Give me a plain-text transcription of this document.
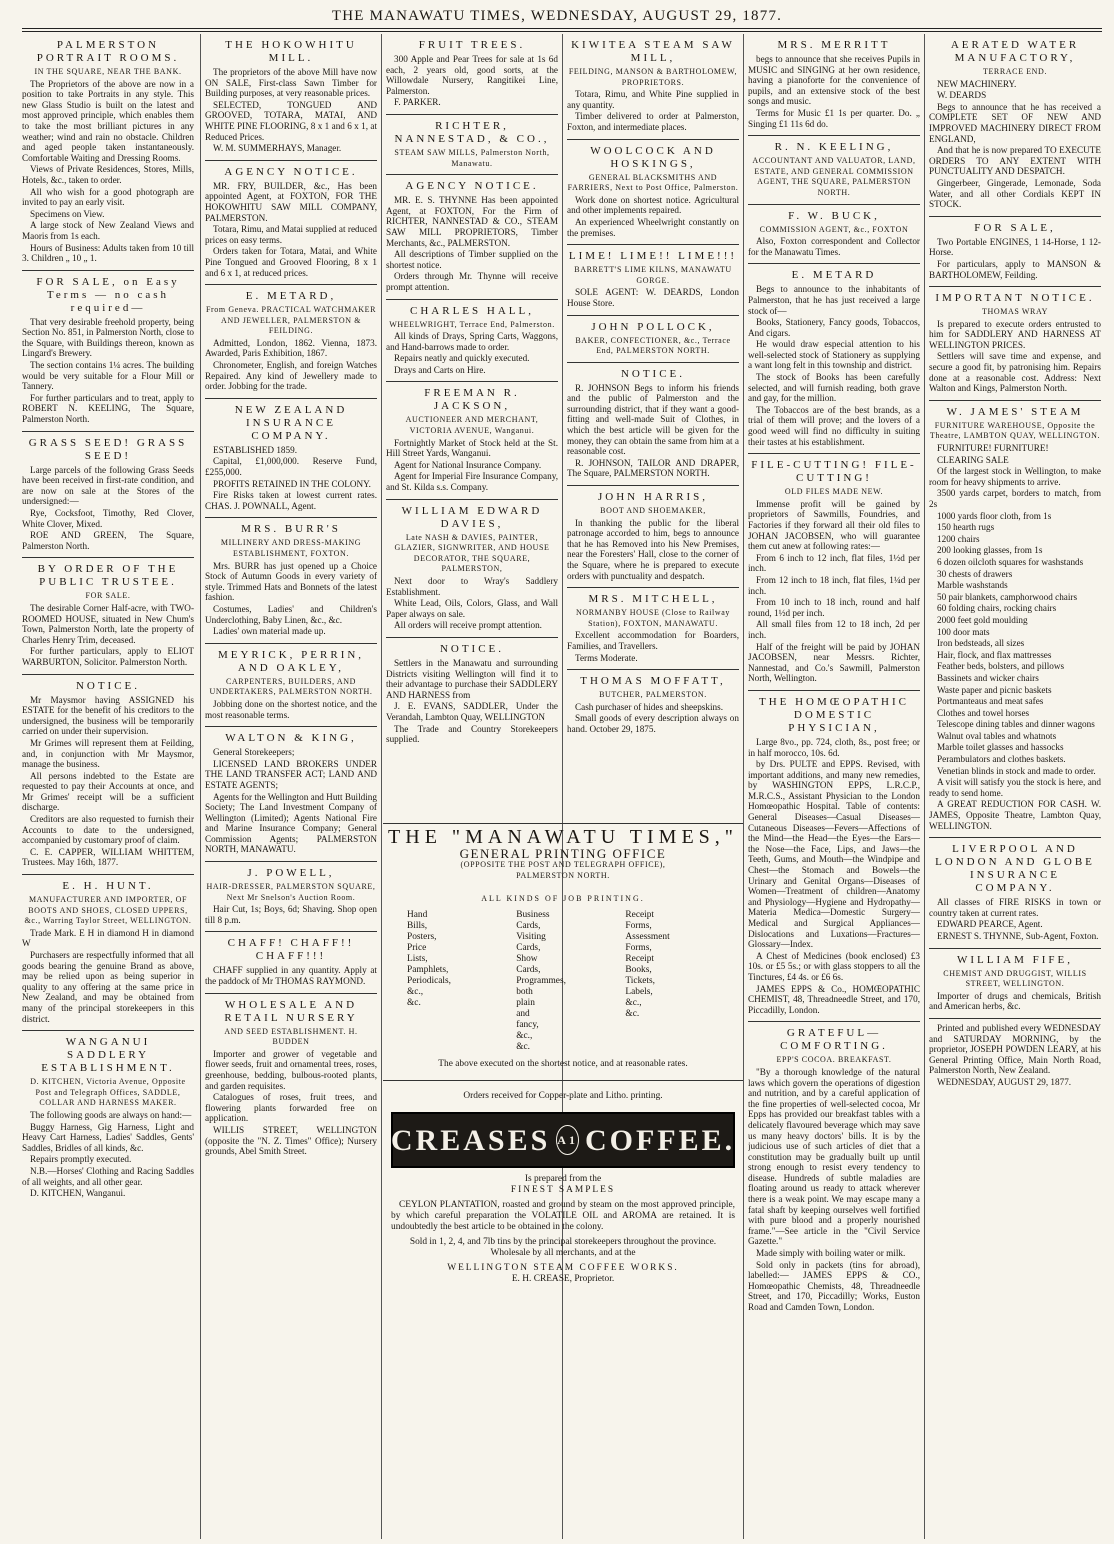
THE MANAWATU TIMES, WEDNESDAY, AUGUST 29, 1877.
PALMERSTON PORTRAIT ROOMS.
IN THE SQUARE, NEAR THE BANK.

The Proprietors of the above are now in a position to take Portraits in any style. This new Glass Studio is built on the latest and most approved principle, which enables them to take the most brilliant pictures in any weather; wind and rain no obstacle. Children and aged people taken instantaneously. Comfortable Waiting and Dressing Rooms.

Views of Private Residences, Stores, Mills, Hotels, &c., taken to order.

All who wish for a good photograph are invited to pay an early visit.

Specimens on View.

A large stock of New Zealand Views and Maoris from 1s each.

Hours of Business: Adults taken from 10 till 3. Children „ 10 „ 1.

FOR SALE, on Easy Terms — no cash required—

That very desirable freehold property, being Section No. 851, in Palmerston North, close to the Square, with Buildings thereon, known as Lingard's Brewery.

The section contains 1¼ acres. The building would be very suitable for a Flour Mill or Tannery.

For further particulars and to treat, apply to ROBERT N. KEELING, The Square, Palmerston North.

GRASS SEED! GRASS SEED!

Large parcels of the following Grass Seeds have been received in first-rate condition, and are now on sale at the Stores of the undersigned:—

Rye, Cocksfoot, Timothy, Red Clover, White Clover, Mixed.

ROE AND GREEN, The Square, Palmerston North.

BY ORDER OF THE PUBLIC TRUSTEE.
FOR SALE.

The desirable Corner Half-acre, with TWO-ROOMED HOUSE, situated in New Chum's Town, Palmerston North, late the property of Charles Henry Trim, deceased.

For further particulars, apply to ELIOT WARBURTON, Solicitor. Palmerston North.

NOTICE.

Mr Maysmor having ASSIGNED his ESTATE for the benefit of his creditors to the undersigned, the business will be temporarily carried on under their supervision.

Mr Grimes will represent them at Feilding, and, in conjunction with Mr Maysmor, manage the business.

All persons indebted to the Estate are requested to pay their Accounts at once, and Mr Grimes' receipt will be a sufficient discharge.

Creditors are also requested to furnish their Accounts to date to the undersigned, accompanied by customary proof of claim.

C. E. CAPPER, WILLIAM WHITTEM, Trustees. May 16th, 1877.

E. H. HUNT.
MANUFACTURER AND IMPORTER, OF BOOTS AND SHOES, CLOSED UPPERS, &c., Warring Taylor Street, WELLINGTON.

Trade Mark. E H in diamond H in diamond W

Purchasers are respectfully informed that all goods bearing the genuine Brand as above, may be relied upon as being superior in quality to any offering at the same price in New Zealand, and may be obtained from many of the principal storekeepers in this district.

WANGANUI SADDLERY ESTABLISHMENT.
D. KITCHEN, Victoria Avenue, Opposite Post and Telegraph Offices, SADDLE, COLLAR AND HARNESS MAKER.

The following goods are always on hand:—

Buggy Harness, Gig Harness, Light and Heavy Cart Harness, Ladies' Saddles, Gents' Saddles, Bridles of all kinds, &c.

Repairs promptly executed.

N.B.—Horses' Clothing and Racing Saddles of all weights, and all other gear.

D. KITCHEN, Wanganui.

THE HOKOWHITU MILL.

The proprietors of the above Mill have now ON SALE, First-class Sawn Timber for Building purposes, at very reasonable prices.

SELECTED, TONGUED AND GROOVED, TOTARA, MATAI, AND WHITE PINE FLOORING, 8 x 1 and 6 x 1, at Reduced Prices.

W. M. SUMMERHAYS, Manager.

AGENCY NOTICE.

MR. FRY, BUILDER, &c., Has been appointed Agent, at FOXTON, FOR THE HOKOWHITU SAW MILL COMPANY, PALMERSTON.

Totara, Rimu, and Matai supplied at reduced prices on easy terms.

Orders taken for Totara, Matai, and White Pine Tongued and Grooved Flooring, 8 x 1 and 6 x 1, at reduced prices.

E. METARD,
From Geneva. PRACTICAL WATCHMAKER AND JEWELLER, PALMERSTON & FEILDING.

Admitted, London, 1862. Vienna, 1873. Awarded, Paris Exhibition, 1867.

Chronometer, English, and foreign Watches Repaired. Any kind of Jewellery made to order. Jobbing for the trade.

NEW ZEALAND INSURANCE COMPANY.

ESTABLISHED 1859.

Capital, £1,000,000. Reserve Fund, £255,000.

PROFITS RETAINED IN THE COLONY.

Fire Risks taken at lowest current rates. CHAS. J. POWNALL, Agent.

MRS. BURR'S
MILLINERY AND DRESS-MAKING ESTABLISHMENT, FOXTON.

Mrs. BURR has just opened up a Choice Stock of Autumn Goods in every variety of style. Trimmed Hats and Bonnets of the latest fashion.

Costumes, Ladies' and Children's Underclothing, Baby Linen, &c., &c.

Ladies' own material made up.

MEYRICK, PERRIN, AND OAKLEY,
CARPENTERS, BUILDERS, AND UNDERTAKERS, PALMERSTON NORTH.

Jobbing done on the shortest notice, and the most reasonable terms.

WALTON & KING,

General Storekeepers;

LICENSED LAND BROKERS UNDER THE LAND TRANSFER ACT; LAND AND ESTATE AGENTS;

Agents for the Wellington and Hutt Building Society; The Land Investment Company of Wellington (Limited); Agents National Fire and Marine Insurance Company; General Commission Agents; PALMERSTON NORTH, MANAWATU.

J. POWELL,
HAIR-DRESSER, PALMERSTON SQUARE, Next Mr Snelson's Auction Room.

Hair Cut, 1s; Boys, 6d; Shaving. Shop open till 8 p.m.

CHAFF! CHAFF!! CHAFF!!!

CHAFF supplied in any quantity. Apply at the paddock of Mr THOMAS RAYMOND.

WHOLESALE AND RETAIL NURSERY
AND SEED ESTABLISHMENT. H. BUDDEN

Importer and grower of vegetable and flower seeds, fruit and ornamental trees, roses, greenhouse, bedding, bulbous-rooted plants, and garden requisites.

Catalogues of roses, fruit trees, and flowering plants forwarded free on application.

WILLIS STREET, WELLINGTON (opposite the "N. Z. Times" Office); Nursery grounds, Abel Smith Street.

FRUIT TREES.

300 Apple and Pear Trees for sale at 1s 6d each, 2 years old, good sorts, at the Willowdale Nursery, Rangitikei Line, Palmerston.

F. PARKER.

RICHTER, NANNESTAD, & CO.,
STEAM SAW MILLS, Palmerston North, Manawatu.
AGENCY NOTICE.

MR. E. S. THYNNE Has been appointed Agent, at FOXTON, For the Firm of RICHTER, NANNESTAD & CO., STEAM SAW MILL PROPRIETORS, Timber Merchants, &c., PALMERSTON.

All descriptions of Timber supplied on the shortest notice.

Orders through Mr. Thynne will receive prompt attention.

CHARLES HALL,
WHEELWRIGHT, Terrace End, Palmerston.

All kinds of Drays, Spring Carts, Waggons, and Hand-barrows made to order.

Repairs neatly and quickly executed.

Drays and Carts on Hire.

FREEMAN R. JACKSON,
AUCTIONEER AND MERCHANT, VICTORIA AVENUE, Wanganui.

Fortnightly Market of Stock held at the St. Hill Street Yards, Wanganui.

Agent for National Insurance Company.

Agent for Imperial Fire Insurance Company, and St. Kilda s.s. Company.

WILLIAM EDWARD DAVIES,
Late NASH & DAVIES, PAINTER, GLAZIER, SIGNWRITER, AND HOUSE DECORATOR, THE SQUARE, PALMERSTON,

Next door to Wray's Saddlery Establishment.

White Lead, Oils, Colors, Glass, and Wall Paper always on sale.

All orders will receive prompt attention.

NOTICE.

Settlers in the Manawatu and surrounding Districts visiting Wellington will find it to their advantage to purchase their SADDLERY AND HARNESS from

J. E. EVANS, SADDLER, Under the Verandah, Lambton Quay, WELLINGTON

The Trade and Country Storekeepers supplied.

KIWITEA STEAM SAW MILL,
FEILDING, MANSON & BARTHOLOMEW, PROPRIETORS.

Totara, Rimu, and White Pine supplied in any quantity.

Timber delivered to order at Palmerston, Foxton, and intermediate places.

WOOLCOCK AND HOSKINGS,
GENERAL BLACKSMITHS AND FARRIERS, Next to Post Office, Palmerston.

Work done on shortest notice. Agricultural and other implements repaired.

An experienced Wheelwright constantly on the premises.

LIME! LIME!! LIME!!!
BARRETT'S LIME KILNS, MANAWATU GORGE.

SOLE AGENT: W. DEARDS, London House Store.

JOHN POLLOCK,
BAKER, CONFECTIONER, &c., Terrace End, PALMERSTON NORTH.
NOTICE.

R. JOHNSON Begs to inform his friends and the public of Palmerston and the surrounding district, that if they want a good-fitting and well-made Suit of Clothes, in which the best article will be given for the money, they can obtain the same from him at a reasonable cost.

R. JOHNSON, TAILOR AND DRAPER, The Square, PALMERSTON NORTH.

JOHN HARRIS,
BOOT AND SHOEMAKER,

In thanking the public for the liberal patronage accorded to him, begs to announce that he has Removed into his New Premises, near the Foresters' Hall, close to the corner of the Square, where he is prepared to execute orders with punctuality and despatch.

MRS. MITCHELL,
NORMANBY HOUSE (Close to Railway Station), FOXTON, MANAWATU.

Excellent accommodation for Boarders, Families, and Travellers.

Terms Moderate.

THOMAS MOFFATT,
BUTCHER, PALMERSTON.

Cash purchaser of hides and sheepskins.

Small goods of every description always on hand. October 29, 1875.

MRS. MERRITT

begs to announce that she receives Pupils in MUSIC and SINGING at her own residence, having a pianoforte for the convenience of pupils, and an extensive stock of the best songs and music.

Terms for Music £1 1s per quarter. Do. „ Singing £1 11s 6d do.

R. N. KEELING,
ACCOUNTANT AND VALUATOR, LAND, ESTATE, AND GENERAL COMMISSION AGENT, THE SQUARE, PALMERSTON NORTH.
F. W. BUCK,
COMMISSION AGENT, &c., FOXTON

Also, Foxton correspondent and Collector for the Manawatu Times.

E. METARD

Begs to announce to the inhabitants of Palmerston, that he has just received a large stock of—

Books, Stationery, Fancy goods, Tobaccos, And cigars.

He would draw especial attention to his well-selected stock of Stationery as supplying a want long felt in this township and district.

The stock of Books has been carefully selected, and will furnish reading, both grave and gay, for the million.

The Tobaccos are of the best brands, as a trial of them will prove; and the lovers of a good weed will find no difficulty in suiting their tastes at his establishment.

FILE-CUTTING! FILE-CUTTING!
OLD FILES MADE NEW.

Immense profit will be gained by proprietors of Sawmills, Foundries, and Factories if they forward all their old files to JOHAN JACOBSEN, who will guarantee them cut anew at following rates:—

From 6 inch to 12 inch, flat files, 1½d per inch.

From 12 inch to 18 inch, flat files, 1¼d per inch.

From 10 inch to 18 inch, round and half round, 1½d per inch.

All small files from 12 to 18 inch, 2d per inch.

Half of the freight will be paid by JOHAN JACOBSEN, near Messrs. Richter, Nannestad, and Co.'s Sawmill, Palmerston North, Wellington.

THE HOMŒOPATHIC DOMESTIC PHYSICIAN,

Large 8vo., pp. 724, cloth, 8s., post free; or in half morocco, 10s. 6d.

by Drs. PULTE and EPPS. Revised, with important additions, and many new remedies, by WASHINGTON EPPS, L.R.C.P., M.R.C.S., Assistant Physician to the London Homœopathic Hospital. Table of contents: General Diseases—Casual Diseases—Cutaneous Diseases—Fevers—Affections of the Mind—the Head—the Eyes—the Ears—the Nose—the Face, Lips, and Jaws—the Teeth, Gums, and Mouth—the Windpipe and Chest—the Stomach and Bowels—the Urinary and Genital Organs—Diseases of Women—Treatment of children—Anatomy and Physiology—Hygiene and Hydropathy—Materia Medica—Domestic Surgery—Medical and Surgical Appliances—Dislocations and Luxations—Fractures—Glossary—Index.

A Chest of Medicines (book enclosed) £3 10s. or £5 5s.; or with glass stoppers to all the Tinctures, £4 4s. or £6 6s.

JAMES EPPS & Co., HOMŒOPATHIC CHEMIST, 48, Threadneedle Street, and 170, Piccadilly, London.

GRATEFUL—COMFORTING.
EPP'S COCOA. BREAKFAST.

"By a thorough knowledge of the natural laws which govern the operations of digestion and nutrition, and by a careful application of the fine properties of well-selected cocoa, Mr Epps has provided our breakfast tables with a delicately flavoured beverage which may save us many heavy doctors' bills. It is by the judicious use of such articles of diet that a constitution may be gradually built up until strong enough to resist every tendency to disease. Hundreds of subtle maladies are floating around us ready to attack wherever there is a weak point. We may escape many a fatal shaft by keeping ourselves well fortified with pure blood and a properly nourished frame."—See article in the "Civil Service Gazette."

Made simply with boiling water or milk.

Sold only in packets (tins for abroad), labelled:— JAMES EPPS & CO., Homœopathic Chemists, 48, Threadneedle Street, and 170, Piccadilly; Works, Euston Road and Camden Town, London.

AERATED WATER MANUFACTORY,
TERRACE END.

NEW MACHINERY.

W. DEARDS

Begs to announce that he has received a COMPLETE SET OF NEW AND IMPROVED MACHINERY DIRECT FROM ENGLAND,

And that he is now prepared TO EXECUTE ORDERS TO ANY EXTENT WITH PUNCTUALITY AND DESPATCH.

Gingerbeer, Gingerade, Lemonade, Soda Water, and all other Cordials KEPT IN STOCK.

FOR SALE,

Two Portable ENGINES, 1 14-Horse, 1 12-Horse.

For particulars, apply to MANSON & BARTHOLOMEW, Feilding.

IMPORTANT NOTICE.
THOMAS WRAY

Is prepared to execute orders entrusted to him for SADDLERY AND HARNESS AT WELLINGTON PRICES.

Settlers will save time and expense, and secure a good fit, by patronising him. Repairs done at a reasonable cost. Address: Next Walton and Kings, Palmerston North.

W. JAMES' STEAM
FURNITURE WAREHOUSE, Opposite the Theatre, LAMBTON QUAY, WELLINGTON.

FURNITURE! FURNITURE!

CLEARING SALE

Of the largest stock in Wellington, to make room for heavy shipments to arrive.

3500 yards carpet, borders to match, from 2s

1000 yards floor cloth, from 1s

150 hearth rugs

1200 chairs

200 looking glasses, from 1s

6 dozen oilcloth squares for washstands

30 chests of drawers

Marble washstands

50 pair blankets, camphorwood chairs

60 folding chairs, rocking chairs

2000 feet gold moulding

100 door mats

Iron bedsteads, all sizes

Hair, flock, and flax mattresses

Feather beds, bolsters, and pillows

Bassinets and wicker chairs

Waste paper and picnic baskets

Portmanteaus and meat safes

Clothes and towel horses

Telescope dining tables and dinner wagons

Walnut oval tables and whatnots

Marble toilet glasses and hassocks

Perambulators and clothes baskets.

Venetian blinds in stock and made to order.

A visit will satisfy you the stock is here, and ready to send home.

A GREAT REDUCTION FOR CASH. W. JAMES, Opposite Theatre, Lambton Quay, WELLINGTON.

LIVERPOOL AND LONDON AND GLOBE INSURANCE COMPANY.

All classes of FIRE RISKS in town or country taken at current rates.

EDWARD PEARCE, Agent.

ERNEST S. THYNNE, Sub-Agent, Foxton.

WILLIAM FIFE,
CHEMIST AND DRUGGIST, WILLIS STREET, WELLINGTON.

Importer of drugs and chemicals, British and American herbs, &c.

Printed and published every WEDNESDAY and SATURDAY MORNING, by the proprietor, JOSEPH POWDEN LEARY, at his General Printing Office, Main North Road, Palmerston North, New Zealand.

WEDNESDAY, AUGUST 29, 1877.

THE "MANAWATU TIMES,"
GENERAL PRINTING OFFICE
(OPPOSITE THE POST AND TELEGRAPH OFFICE),
PALMERSTON NORTH.
ALL KINDS OF JOB PRINTING.
Hand Bills,
Posters,
Price Lists,
Pamphlets,
Periodicals,
&c., &c.
Business Cards,
Visiting Cards,
Show Cards,
Programmes, both plain
and fancy,
&c., &c.
Receipt Forms,
Assessment Forms,
Receipt Books,
Tickets,
Labels,
&c., &c.
The above executed on the shortest notice, and at reasonable rates.
Orders received for Copper-plate and Litho. printing.
CREASES A1 COFFEE.
Is prepared from the
FINEST SAMPLES

CEYLON PLANTATION, roasted and ground by steam on the most approved principle, by which careful preparation the VOLATILE OIL and AROMA are retained. It is undoubtedly the best article to be obtained in the colony.

Sold in 1, 2, 4, and 7lb tins by the principal storekeepers throughout the province.
Wholesale by all merchants, and at the
WELLINGTON STEAM COFFEE WORKS.
E. H. CREASE, Proprietor.
